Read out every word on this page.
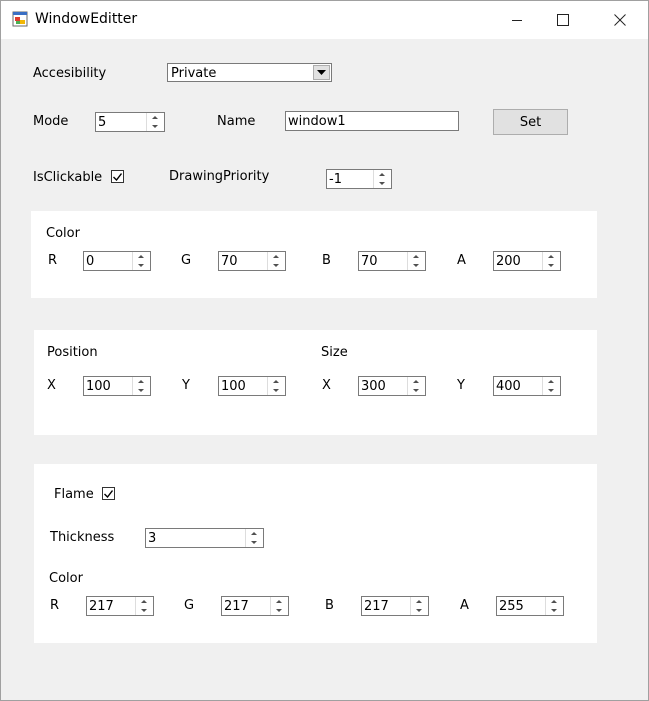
WindowEditter
Accesibility	Private
Mode 5	Name	window1	Set
IsClickable	DrawingPriority	-1
Color
R 0	G 70	B 70	A 200
Position	Size
X 100	Y 100	X 300	Y 400
Flame
Thickness	3
Color
R 217	G 217	B 217	A 255
